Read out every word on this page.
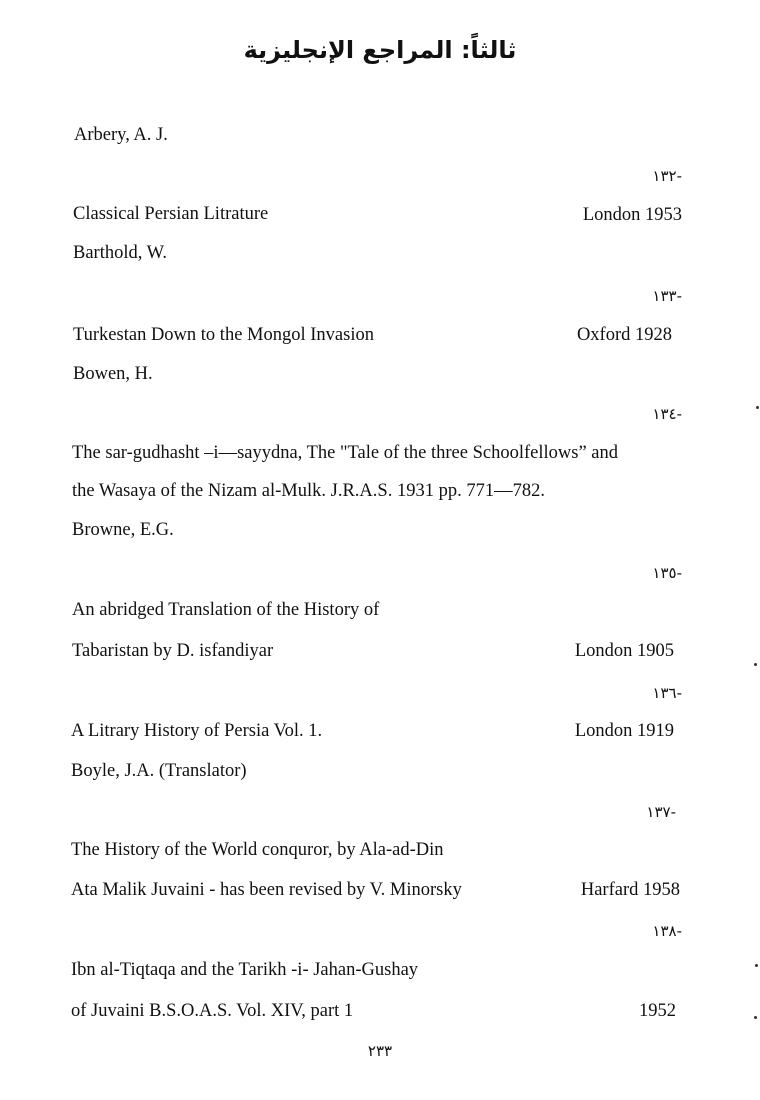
ثالثاً: المراجع الإنجليزية
Arbery, A. J.
-١٣٢
Classical Persian Litrature	London 1953
Barthold, W.
-١٣٣
Turkestan Down to the Mongol Invasion	Oxford 1928
Bowen, H.
-١٣٤
The sar-gudhasht –i—sayydna, The "Tale of the three Schoolfellows” and
the Wasaya of the Nizam al-Mulk. J.R.A.S. 1931 pp. 771—782.
Browne, E.G.
-١٣٥
An abridged Translation of the History of
Tabaristan by D. isfandiyar	London 1905
-١٣٦
A Litrary History of Persia Vol. 1.	London 1919
Boyle, J.A. (Translator)
-١٣٧
The History of the World conquror, by Ala-ad-Din
Ata Malik Juvaini - has been revised by V. Minorsky	Harfard 1958
-١٣٨
Ibn al-Tiqtaqa and the Tarikh -i- Jahan-Gushay
of Juvaini B.S.O.A.S. Vol. XIV, part 1	1952
٢٣٣
